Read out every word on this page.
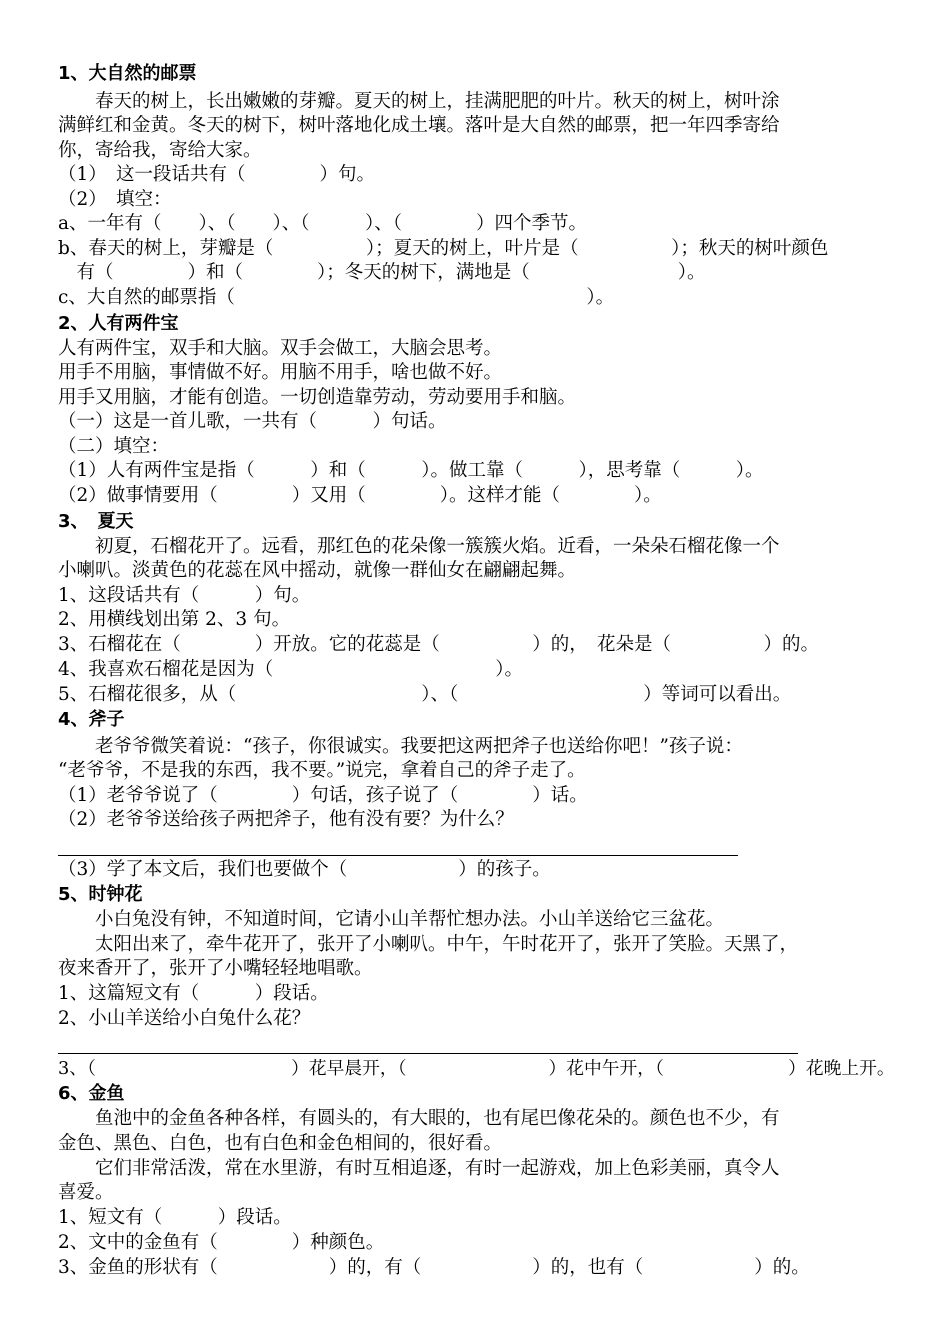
1、大自然的邮票
　　春天的树上，长出嫩嫩的芽瓣。夏天的树上，挂满肥肥的叶片。秋天的树上，树叶涂
满鲜红和金黄。冬天的树下，树叶落地化成土壤。落叶是大自然的邮票，把一年四季寄给
你，寄给我，寄给大家。
（1）　这一段话共有（　　　　）句。
（2）　填空：
a、一年有（　　）、（　　）、（　　　）、（　　　　）四个季节。
b、春天的树上，芽瓣是（　　　　　）；夏天的树上，叶片是（　　　　　）；秋天的树叶颜色
　有（　　　　）和（　　　　）；冬天的树下，满地是（　　　　　　　　）。
c、大自然的邮票指（　　　　　　　　　　　　　　　　　　　）。
2、人有两件宝
人有两件宝，双手和大脑。双手会做工，大脑会思考。
用手不用脑，事情做不好。用脑不用手，啥也做不好。
用手又用脑，才能有创造。一切创造靠劳动，劳动要用手和脑。
（一）这是一首儿歌，一共有（　　　）句话。
（二）填空：
（1）人有两件宝是指（　　　）和（　　　）。做工靠（　　　），思考靠（　　　）。
（2）做事情要用（　　　　）又用（　　　　）。这样才能（　　　　）。
3、　夏天
　　初夏，石榴花开了。远看，那红色的花朵像一簇簇火焰。近看，一朵朵石榴花像一个
小喇叭。淡黄色的花蕊在风中摇动，就像一群仙女在翩翩起舞。
1、这段话共有（　　　）句。
2、用横线划出第 2、3 句。
3、石榴花在（　　　　）开放。它的花蕊是（　　　　　）的，　花朵是（　　　　　）的。
4、我喜欢石榴花是因为（　　　　　　　　　　　　）。
5、石榴花很多，从（　　　　　　　　　　）、（　　　　　　　　　　）等词可以看出。
4、斧子
　　老爷爷微笑着说：“孩子，你很诚实。我要把这两把斧子也送给你吧！”孩子说：
“老爷爷，不是我的东西，我不要。”说完，拿着自己的斧子走了。
（1）老爷爷说了（　　　　）句话，孩子说了（　　　　）话。
（2）老爷爷送给孩子两把斧子，他有没有要？为什么？
（3）学了本文后，我们也要做个（　　　　　　）的孩子。
5、时钟花
　　小白兔没有钟，不知道时间，它请小山羊帮忙想办法。小山羊送给它三盆花。
　　太阳出来了，牵牛花开了，张开了小喇叭。中午，午时花开了，张开了笑脸。天黑了，
夜来香开了，张开了小嘴轻轻地唱歌。
1、这篇短文有（　　　）段话。
2、小山羊送给小白兔什么花？
3、（　　　　　　　　　　　）花早晨开，（　　　　　　　　）花中午开，（　　　　　　　）花晚上开。
6、金鱼
　　鱼池中的金鱼各种各样，有圆头的，有大眼的，也有尾巴像花朵的。颜色也不少，有
金色、黑色、白色，也有白色和金色相间的，很好看。
　　它们非常活泼，常在水里游，有时互相追逐，有时一起游戏，加上色彩美丽，真令人
喜爱。
1、短文有（　　　）段话。
2、文中的金鱼有（　　　　）种颜色。
3、金鱼的形状有（　　　　　　）的，有（　　　　　　）的，也有（　　　　　　）的。
